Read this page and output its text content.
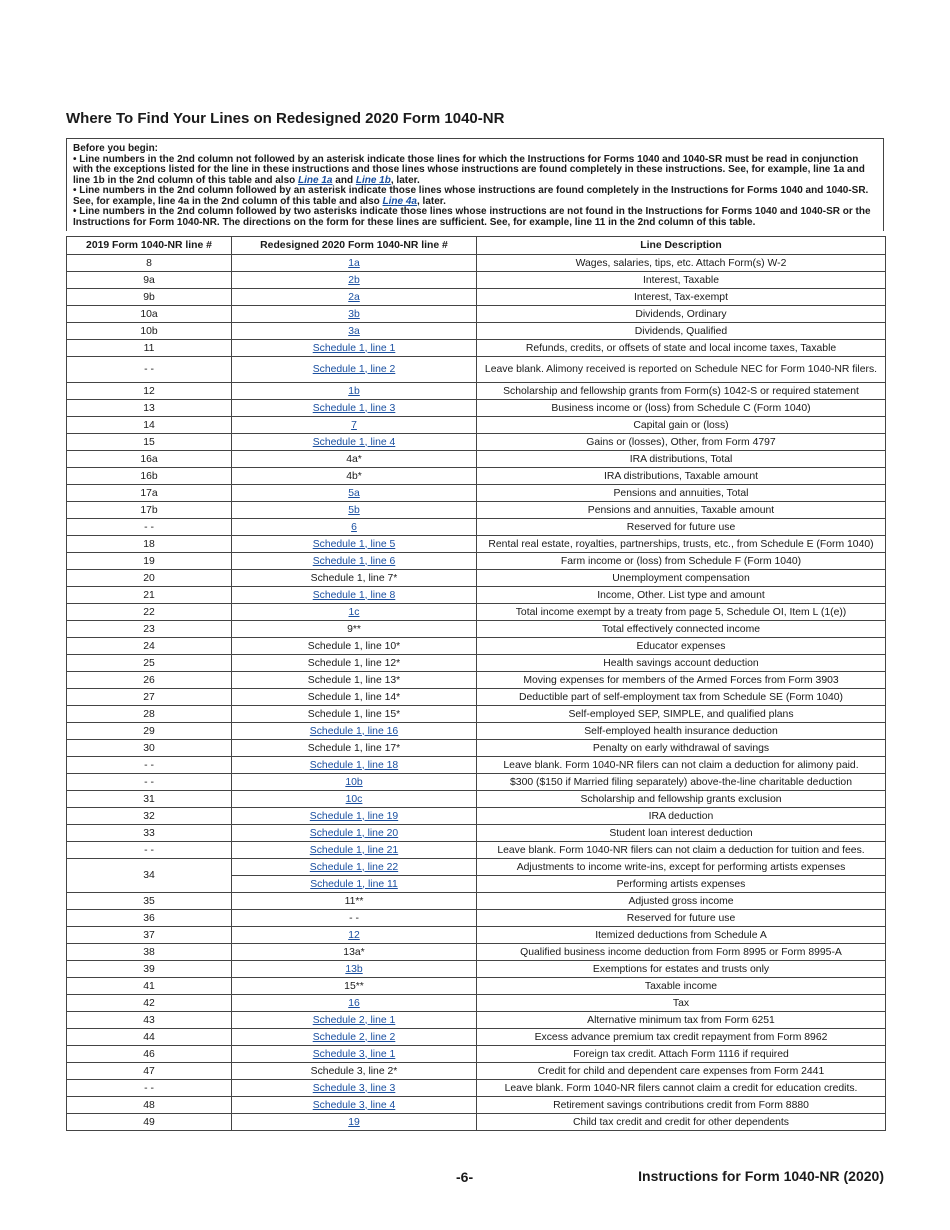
Where To Find Your Lines on Redesigned 2020 Form 1040-NR
Before you begin:
• Line numbers in the 2nd column not followed by an asterisk indicate those lines for which the Instructions for Forms 1040 and 1040-SR must be read in conjunction with the exceptions listed for the line in these instructions and those lines whose instructions are found completely in these instructions. See, for example, line 1a and line 1b in the 2nd column of this table and also Line 1a and Line 1b, later.
• Line numbers in the 2nd column followed by an asterisk indicate those lines whose instructions are found completely in the Instructions for Forms 1040 and 1040-SR. See, for example, line 4a in the 2nd column of this table and also Line 4a, later.
• Line numbers in the 2nd column followed by two asterisks indicate those lines whose instructions are not found in the Instructions for Forms 1040 and 1040-SR or the Instructions for Form 1040-NR. The directions on the form for these lines are sufficient. See, for example, line 11 in the 2nd column of this table.
2019 Form 1040-NR line #	Redesigned 2020 Form 1040-NR line #	Line Description
8	1a	Wages, salaries, tips, etc. Attach Form(s) W-2
9a	2b	Interest, Taxable
9b	2a	Interest, Tax-exempt
10a	3b	Dividends, Ordinary
10b	3a	Dividends, Qualified
11	Schedule 1, line 1	Refunds, credits, or offsets of state and local income taxes, Taxable
- -	Schedule 1, line 2	Leave blank. Alimony received is reported on Schedule NEC for Form 1040-NR filers.
12	1b	Scholarship and fellowship grants from Form(s) 1042-S or required statement
13	Schedule 1, line 3	Business income or (loss) from Schedule C (Form 1040)
14	7	Capital gain or (loss)
15	Schedule 1, line 4	Gains or (losses), Other, from Form 4797
16a	4a*	IRA distributions, Total
16b	4b*	IRA distributions, Taxable amount
17a	5a	Pensions and annuities, Total
17b	5b	Pensions and annuities, Taxable amount
- -	6	Reserved for future use
18	Schedule 1, line 5	Rental real estate, royalties, partnerships, trusts, etc., from Schedule E (Form 1040)
19	Schedule 1, line 6	Farm income or (loss) from Schedule F (Form 1040)
20	Schedule 1, line 7*	Unemployment compensation
21	Schedule 1, line 8	Income, Other. List type and amount
22	1c	Total income exempt by a treaty from page 5, Schedule OI, Item L (1(e))
23	9**	Total effectively connected income
24	Schedule 1, line 10*	Educator expenses
25	Schedule 1, line 12*	Health savings account deduction
26	Schedule 1, line 13*	Moving expenses for members of the Armed Forces from Form 3903
27	Schedule 1, line 14*	Deductible part of self-employment tax from Schedule SE (Form 1040)
28	Schedule 1, line 15*	Self-employed SEP, SIMPLE, and qualified plans
29	Schedule 1, line 16	Self-employed health insurance deduction
30	Schedule 1, line 17*	Penalty on early withdrawal of savings
- -	Schedule 1, line 18	Leave blank. Form 1040-NR filers can not claim a deduction for alimony paid.
- -	10b	$300 ($150 if Married filing separately) above-the-line charitable deduction
31	10c	Scholarship and fellowship grants exclusion
32	Schedule 1, line 19	IRA deduction
33	Schedule 1, line 20	Student loan interest deduction
- -	Schedule 1, line 21	Leave blank. Form 1040-NR filers can not claim a deduction for tuition and fees.
34	Schedule 1, line 22	Adjustments to income write-ins, except for performing artists expenses
	Schedule 1, line 11	Performing artists expenses
35	11**	Adjusted gross income
36	- -	Reserved for future use
37	12	Itemized deductions from Schedule A
38	13a*	Qualified business income deduction from Form 8995 or Form 8995-A
39	13b	Exemptions for estates and trusts only
41	15**	Taxable income
42	16	Tax
43	Schedule 2, line 1	Alternative minimum tax from Form 6251
44	Schedule 2, line 2	Excess advance premium tax credit repayment from Form 8962
46	Schedule 3, line 1	Foreign tax credit. Attach Form 1116 if required
47	Schedule 3, line 2*	Credit for child and dependent care expenses from Form 2441
- -	Schedule 3, line 3	Leave blank. Form 1040-NR filers cannot claim a credit for education credits.
48	Schedule 3, line 4	Retirement savings contributions credit from Form 8880
49	19	Child tax credit and credit for other dependents
-6-	Instructions for Form 1040-NR (2020)
